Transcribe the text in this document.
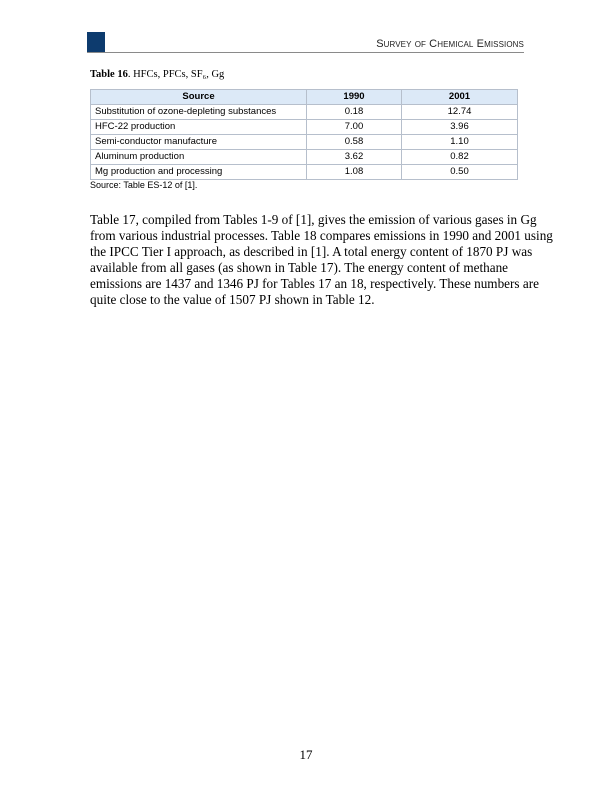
Survey of Chemical Emissions
Table 16. HFCs, PFCs, SF₆, Gg
Source	1990	2001
Substitution of ozone-depleting substances	0.18	12.74
HFC-22 production	7.00	3.96
Semi-conductor manufacture	0.58	1.10
Aluminum production	3.62	0.82
Mg production and processing	1.08	0.50
Source: Table ES-12 of [1].
Table 17, compiled from Tables 1-9 of [1], gives the emission of various gases in Gg
from various industrial processes. Table 18 compares emissions in 1990 and 2001 using
the IPCC Tier I approach, as described in [1]. A total energy content of 1870 PJ was
available from all gases (as shown in Table 17). The energy content of methane
emissions are 1437 and 1346 PJ for Tables 17 an 18, respectively. These numbers are
quite close to the value of 1507 PJ shown in Table 12.
17
